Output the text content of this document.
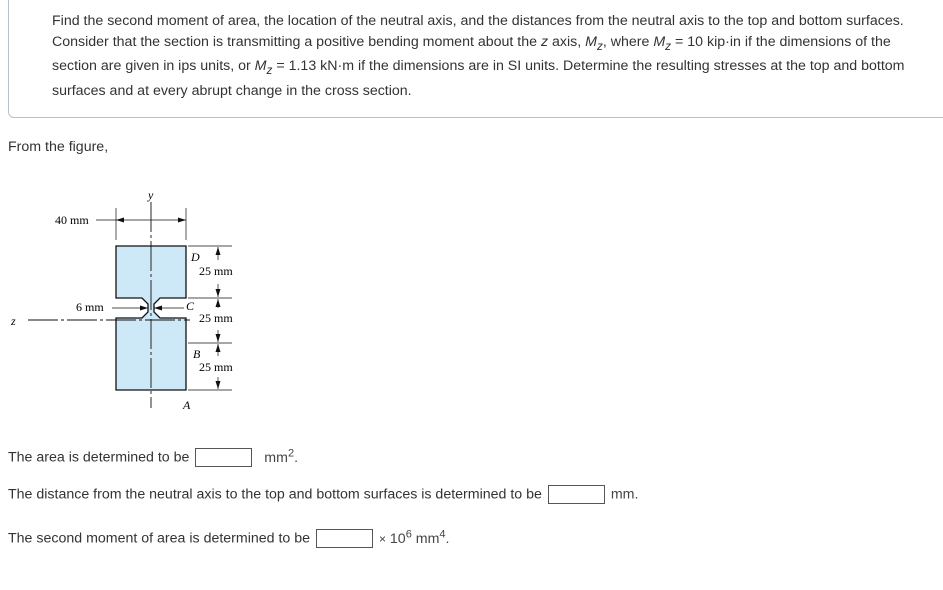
Find the second moment of area, the location of the neutral axis, and the distances from the neutral axis to the top and bottom surfaces. Consider that the section is transmitting a positive bending moment about the z axis, $M_z$, where $M_z = 10$ kip·in if the dimensions of the section are given in ips units, or $M_z = 1.13$ kN·m if the dimensions are in SI units. Determine the resulting stresses at the top and bottom surfaces and at every abrupt change in the cross section.
From the figure,
y
z
40 mm
6 mm
25 mm
25 mm
25 mm
D
C
B
A
The area is determined to be	$mm^2$.
The distance from the neutral axis to the top and bottom surfaces is determined to be	mm.
The second moment of area is determined to be	× $10^6$ $mm^4$.
